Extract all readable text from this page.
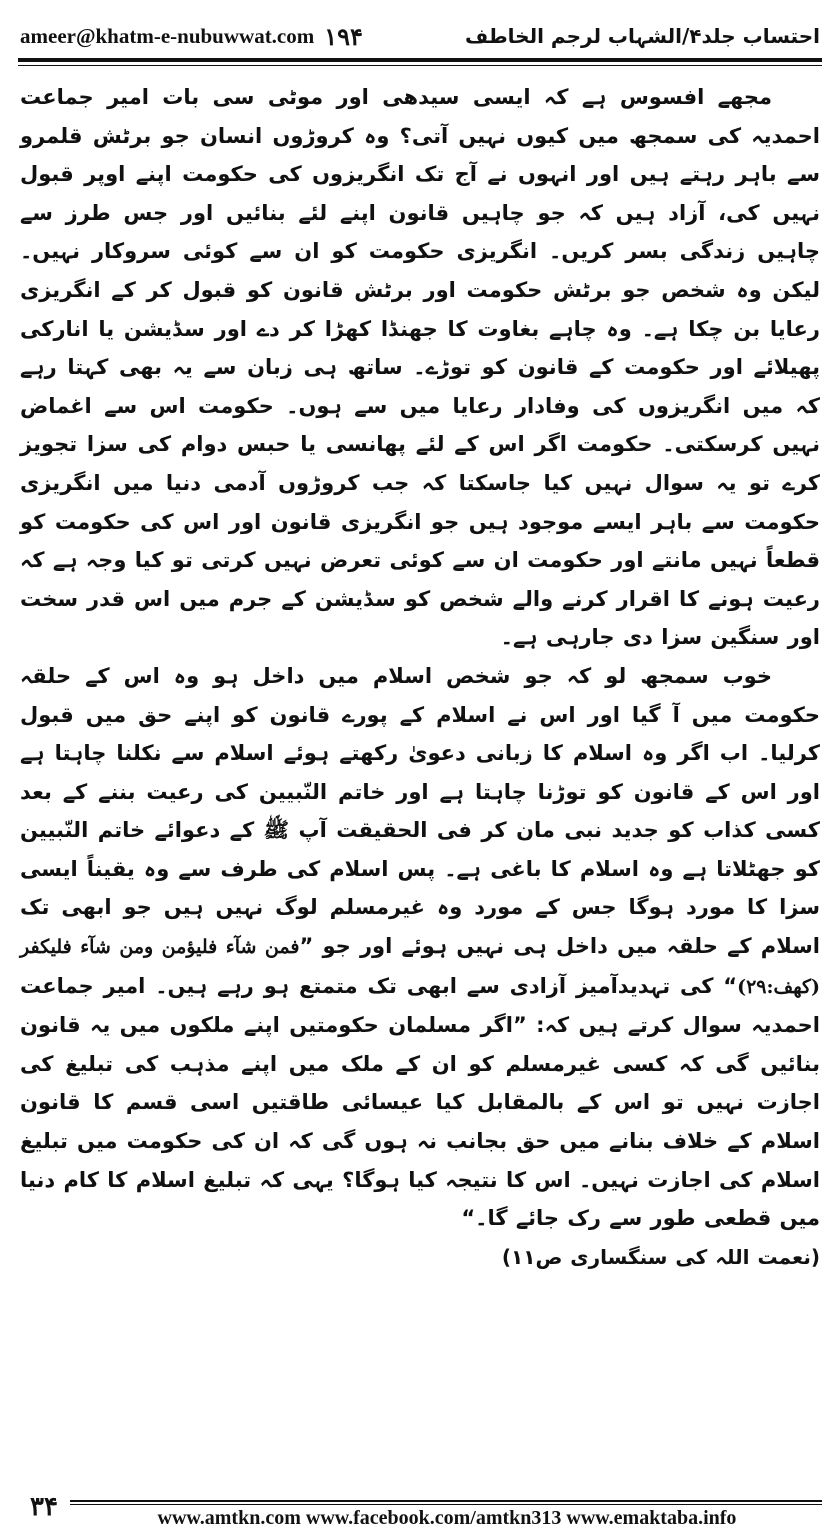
ameer@khatm-e-nubuwwat.com ۱۹۴	احتساب جلد۴/الشہاب لرجم الخاطف

مجھے افسوس ہے کہ ایسی سیدھی اور موٹی سی بات امیر جماعت احمدیہ کی سمجھ میں کیوں نہیں آتی؟ وہ کروڑوں انسان جو برٹش قلمرو سے باہر رہتے ہیں اور انہوں نے آج تک انگریزوں کی حکومت اپنے اوپر قبول نہیں کی، آزاد ہیں کہ جو چاہیں قانون اپنے لئے بنائیں اور جس طرز سے چاہیں زندگی بسر کریں۔ انگریزی حکومت کو ان سے کوئی سروکار نہیں۔ لیکن وہ شخص جو برٹش حکومت اور برٹش قانون کو قبول کر کے انگریزی رعایا بن چکا ہے۔ وہ چاہے بغاوت کا جھنڈا کھڑا کر دے اور سڈیشن یا انارکی پھیلائے اور حکومت کے قانون کو توڑے۔ ساتھ ہی زبان سے یہ بھی کہتا رہے کہ میں انگریزوں کی وفادار رعایا میں سے ہوں۔ حکومت اس سے اغماض نہیں کرسکتی۔ حکومت اگر اس کے لئے پھانسی یا حبس دوام کی سزا تجویز کرے تو یہ سوال نہیں کیا جاسکتا کہ جب کروڑوں آدمی دنیا میں انگریزی حکومت سے باہر ایسے موجود ہیں جو انگریزی قانون اور اس کی حکومت کو قطعاً نہیں مانتے اور حکومت ان سے کوئی تعرض نہیں کرتی تو کیا وجہ ہے کہ رعیت ہونے کا اقرار کرنے والے شخص کو سڈیشن کے جرم میں اس قدر سخت اور سنگین سزا دی جارہی ہے۔

خوب سمجھ لو کہ جو شخص اسلام میں داخل ہو وہ اس کے حلقہ حکومت میں آ گیا اور اس نے اسلام کے پورے قانون کو اپنے حق میں قبول کرلیا۔ اب اگر وہ اسلام کا زبانی دعویٰ رکھتے ہوئے اسلام سے نکلنا چاہتا ہے اور اس کے قانون کو توڑنا چاہتا ہے اور خاتم النّبیین کی رعیت بننے کے بعد کسی کذاب کو جدید نبی مان کر فی الحقیقت آپ ﷺ کے دعوائے خاتم النّبیین کو جھٹلاتا ہے وہ اسلام کا باغی ہے۔ پس اسلام کی طرف سے وہ یقیناً ایسی سزا کا مورد ہوگا جس کے مورد وہ غیرمسلم لوگ نہیں ہیں جو ابھی تک اسلام کے حلقہ میں داخل ہی نہیں ہوئے اور جو ”فمن شآء فلیؤمن ومن شآء فلیکفر (کھف:۲۹)“ کی تہدیدآمیز آزادی سے ابھی تک متمتع ہو رہے ہیں۔ امیر جماعت احمدیہ سوال کرتے ہیں کہ: ”اگر مسلمان حکومتیں اپنے ملکوں میں یہ قانون بنائیں گی کہ کسی غیرمسلم کو ان کے ملک میں اپنے مذہب کی تبلیغ کی اجازت نہیں تو اس کے بالمقابل کیا عیسائی طاقتیں اسی قسم کا قانون اسلام کے خلاف بنانے میں حق بجانب نہ ہوں گی کہ ان کی حکومت میں تبلیغ اسلام کی اجازت نہیں۔ اس کا نتیجہ کیا ہوگا؟ یہی کہ تبلیغ اسلام کا کام دنیا میں قطعی طور سے رک جائے گا۔“

(نعمت اللہ کی سنگساری ص۱۱)

۳۴	www.amtkn.com www.facebook.com/amtkn313 www.emaktaba.info
